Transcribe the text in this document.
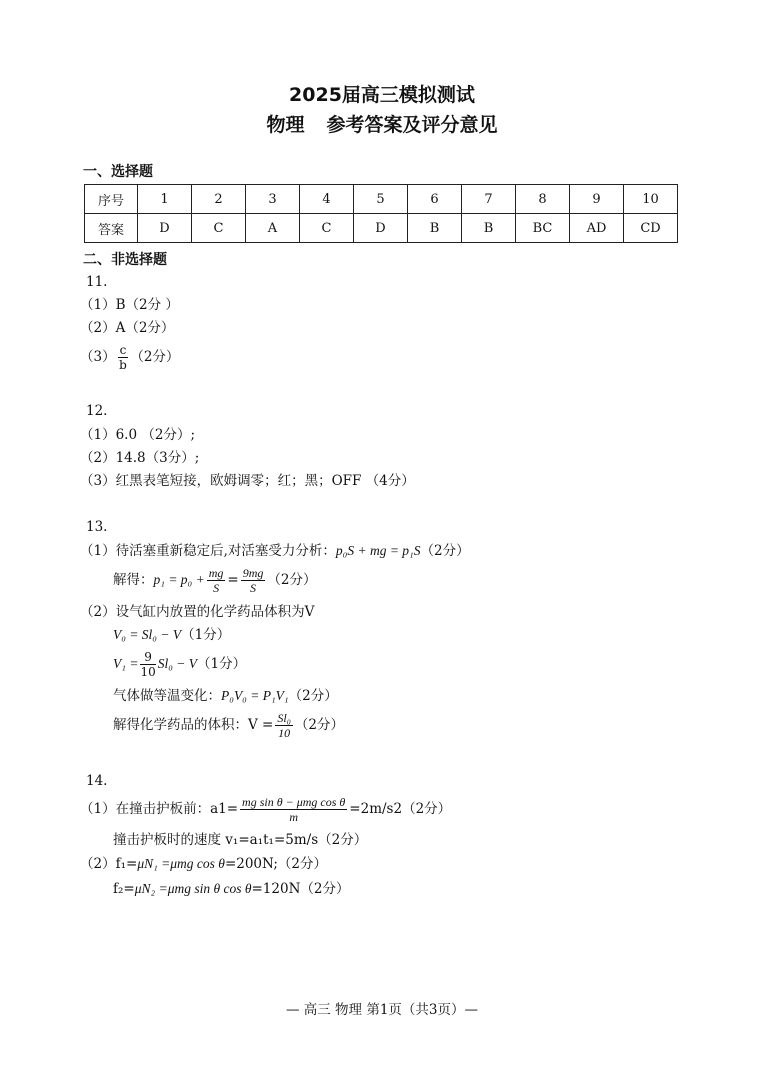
2025届高三模拟测试
物理 参考答案及评分意见
一、选择题
序号	1	2	3	4	5	6	7	8	9	10
答案	D	C	A	C	D	B	B	BC	AD	CD
二、非选择题
11.
（1）B（2分 ）
（2）A（2分）
$(3) \frac{c}{b} (2$分）
12.
（1）6.0 （2分）;
（2）14.8（3分）;
（3）红黑表笔短接，欧姆调零；红；黑；OFF （4分）
13.
（1）待活塞重新稳定后,对活塞受力分析：p₀S + mg = p₁S（2分）
解得：$p_1 = p_0 + \frac{mg}{S} = \frac{9mg}{S} (2$分）
（2）设气缸内放置的化学药品体积为V
V₀ = Sl₀ − V（1分）
$V_1 = \frac{9}{10} Sl_0 - V(1$分）
气体做等温变化：P₀V₀ = P₁V₁（2分）
解得化学药品的体积：$V = \frac{\text{Sl₀}}{10} (2$分）
14.
（1）在撞击护板前：$a1= \frac{\text{mg sin θ − μmg cos θ}}{m} =2m/s2(2$分）
撞击护板时的速度 v₁=a₁t₁=5m/s（2分）
（2）f₁=μN₁ =μmg cos θ=200N;（2分）
f₂=μN₂ =μmg sin θ cos θ=120N（2分）
— 高三 物理 第1页（共3页）—
